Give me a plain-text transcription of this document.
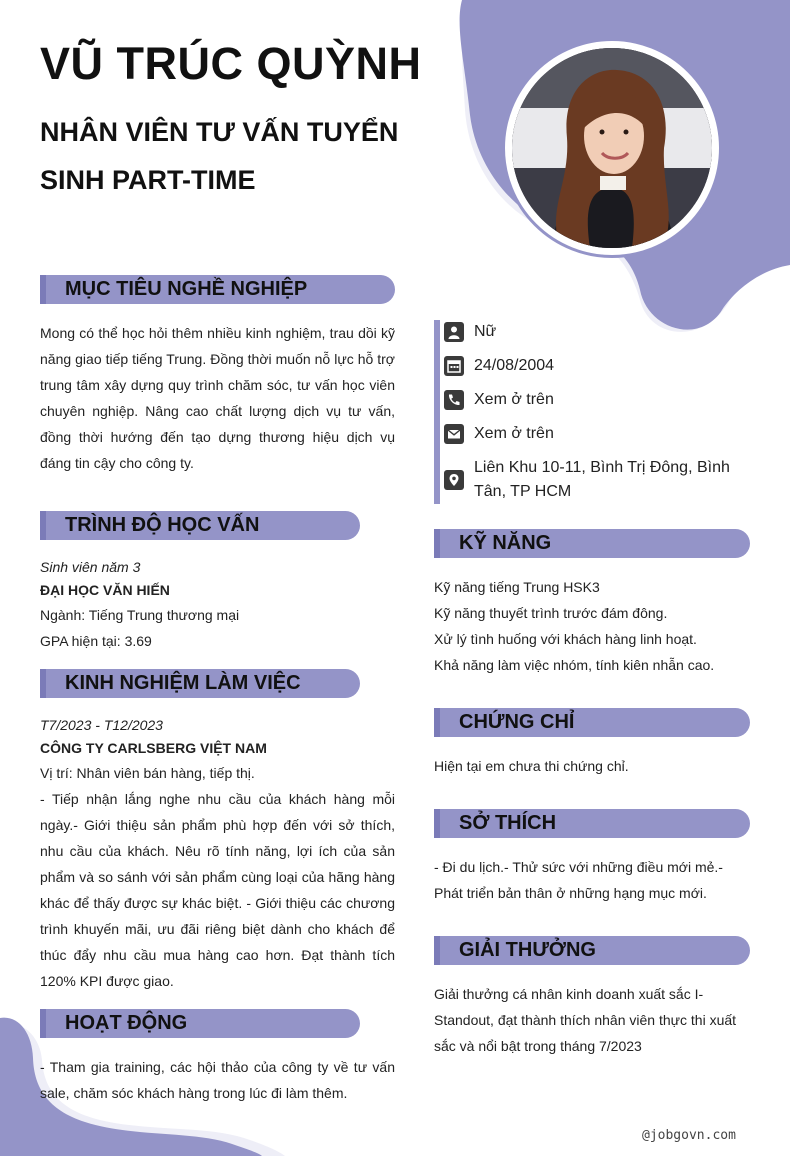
VŨ TRÚC QUỲNH
NHÂN VIÊN TƯ VẤN TUYỂN SINH PART-TIME
MỤC TIÊU NGHỀ NGHIỆP
Mong có thể học hỏi thêm nhiều kinh nghiệm, trau dồi kỹ năng giao tiếp tiếng Trung. Đồng thời muốn nỗ lực hỗ trợ trung tâm xây dựng quy trình chăm sóc, tư vấn học viên chuyên nghiệp. Nâng cao chất lượng dịch vụ tư vấn, đồng thời hướng đến tạo dựng thương hiệu dịch vụ đáng tin cậy cho công ty.
TRÌNH ĐỘ HỌC VẤN
Sinh viên năm 3
ĐẠI HỌC VĂN HIẾN
Ngành: Tiếng Trung thương mại
GPA hiện tại: 3.69
KINH NGHIỆM LÀM VIỆC
T7/2023 - T12/2023
CÔNG TY CARLSBERG VIỆT NAM
Vị trí: Nhân viên bán hàng, tiếp thị.
- Tiếp nhận lắng nghe nhu cầu của khách hàng mỗi ngày.- Giới thiệu sản phẩm phù hợp đến với sở thích, nhu cầu của khách. Nêu rõ tính năng, lợi ích của sản phẩm và so sánh với sản phẩm cùng loại của hãng hàng khác để thấy được sự khác biệt. - Giới thiệu các chương trình khuyến mãi, ưu đãi riêng biệt dành cho khách để thúc đẩy nhu cầu mua hàng cao hơn. Đạt thành tích 120% KPI được giao.
HOẠT ĐỘNG
- Tham gia training, các hội thảo của công ty về tư vấn sale, chăm sóc khách hàng trong lúc đi làm thêm.
Nữ
24/08/2004
Xem ở trên
Xem ở trên
Liên Khu 10-11, Bình Trị Đông, Bình Tân, TP HCM
KỸ NĂNG
Kỹ năng tiếng Trung HSK3
Kỹ năng thuyết trình trước đám đông.
Xử lý tình huống với khách hàng linh hoạt.
Khả năng làm việc nhóm, tính kiên nhẫn cao.
CHỨNG CHỈ
Hiện tại em chưa thi chứng chỉ.
SỞ THÍCH
- Đi du lịch.- Thử sức với những điều mới mẻ.- Phát triển bản thân ở những hạng mục mới.
GIẢI THƯỞNG
Giải thưởng cá nhân kinh doanh xuất sắc I-Standout, đạt thành thích nhân viên thực thi xuất sắc và nổi bật trong tháng 7/2023
@jobgovn.com
